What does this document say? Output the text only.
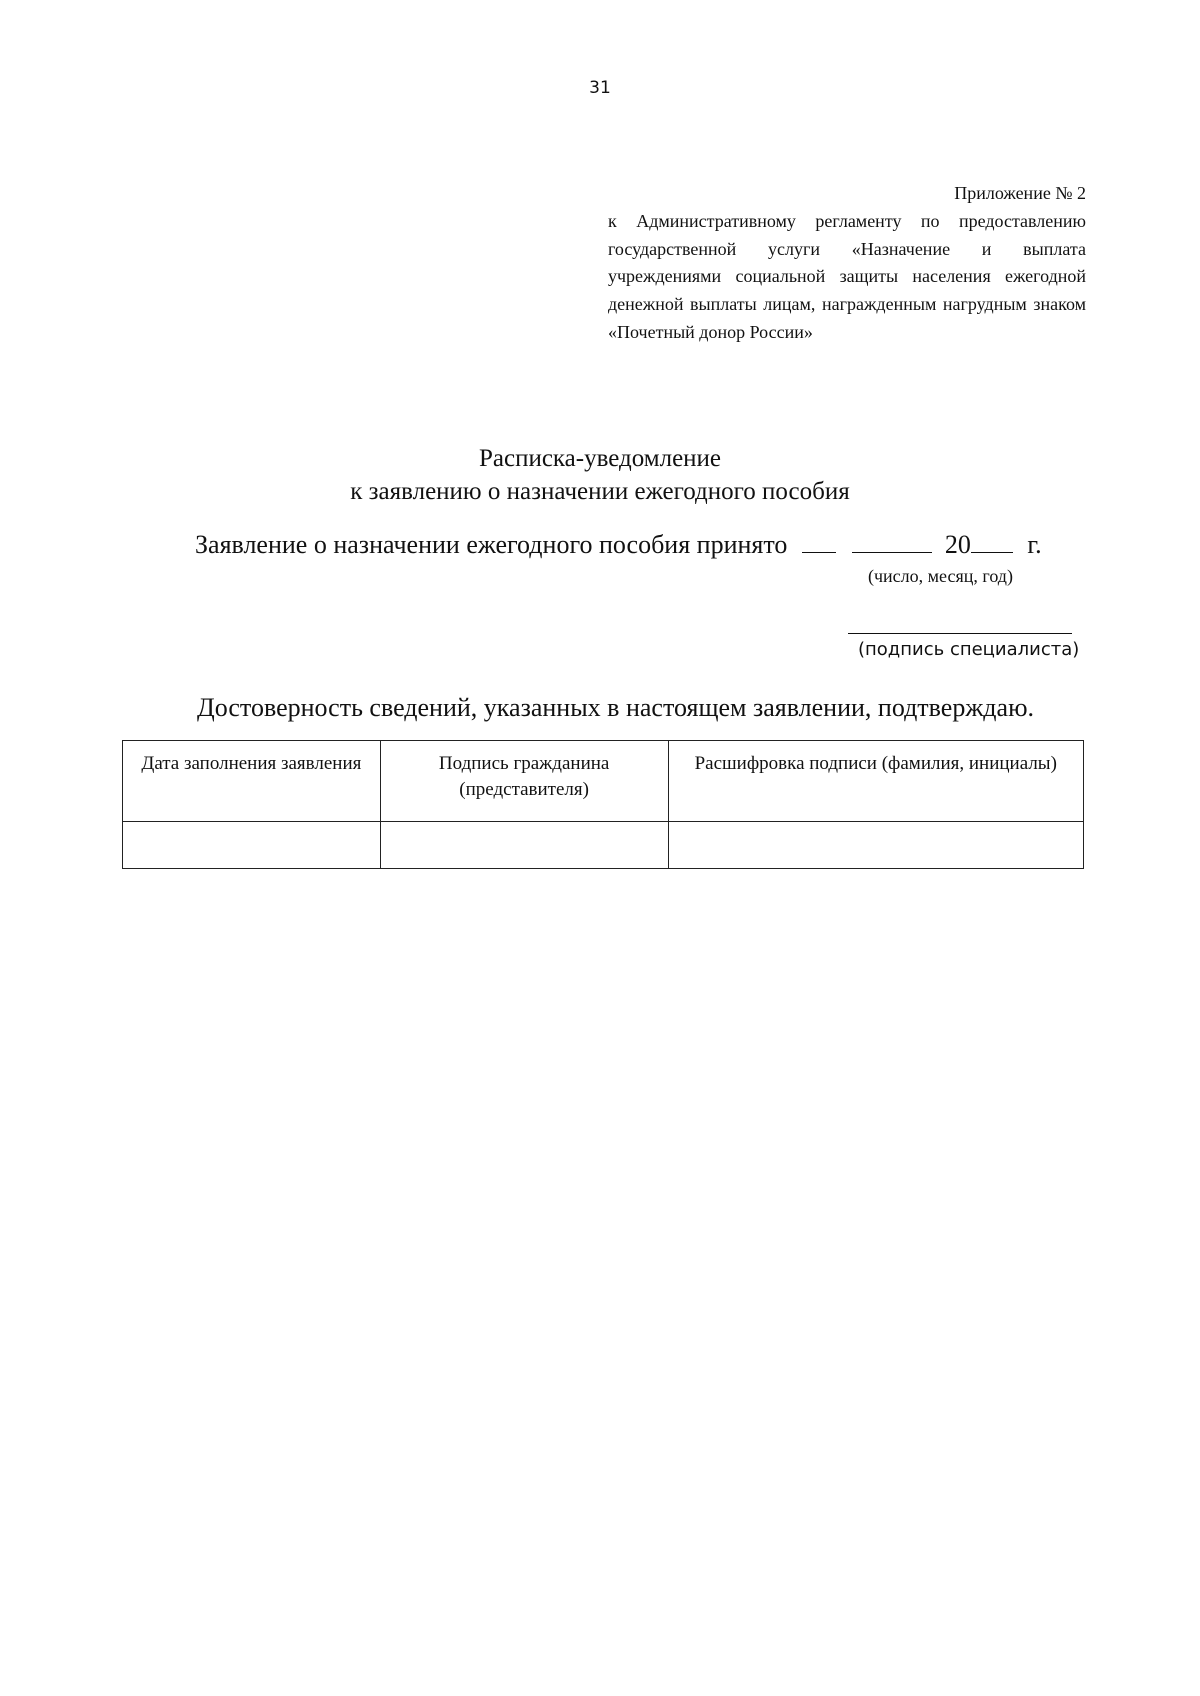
31
Приложение № 2
к Административному регламенту по предоставлению государственной услуги «Назначение и выплата учреждениями социальной защиты населения ежегодной денежной выплаты лицам, награжденным нагрудным знаком «Почетный донор России»
Расписка-уведомление
к заявлению о назначении ежегодного пособия
Заявление о назначении ежегодного пособия принято	20 г.
(число, месяц, год)
(подпись специалиста)
Достоверность сведений, указанных в настоящем заявлении, подтверждаю.
Дата заполнения заявления	Подпись гражданина (представителя)	Расшифровка подписи (фамилия, инициалы)
